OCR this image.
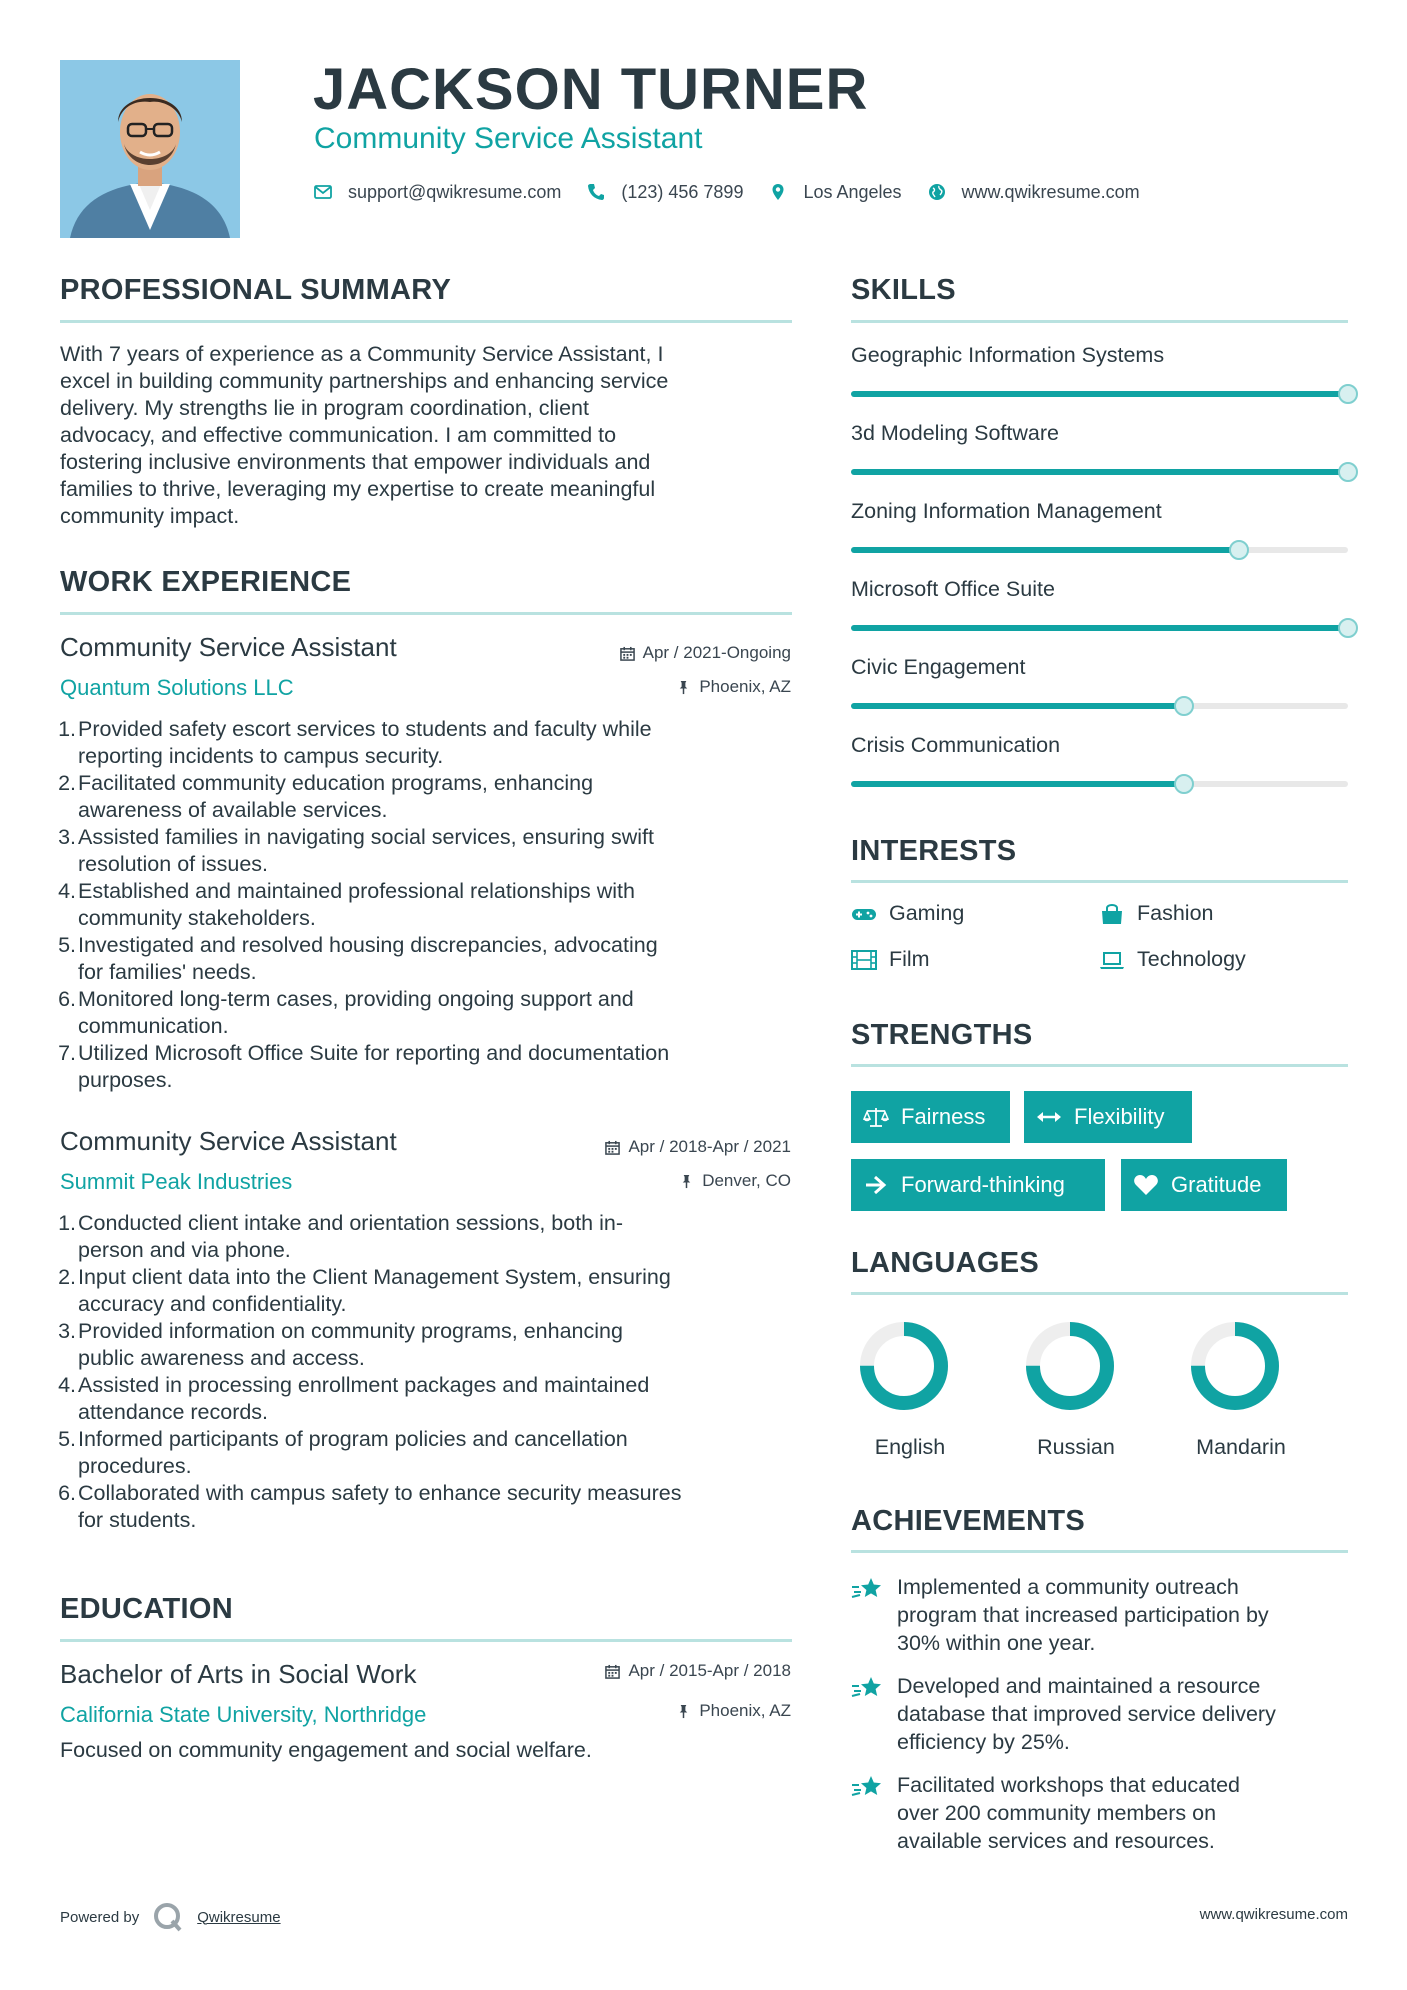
JACKSON TURNER
Community Service Assistant
support@qwikresume.com	(123) 456 7899	Los Angeles	www.qwikresume.com
PROFESSIONAL SUMMARY
With 7 years of experience as a Community Service Assistant, I
excel in building community partnerships and enhancing service
delivery. My strengths lie in program coordination, client
advocacy, and effective communication. I am committed to
fostering inclusive environments that empower individuals and
families to thrive, leveraging my expertise to create meaningful
community impact.
WORK EXPERIENCE
Community Service Assistant
Quantum Solutions LLC
Apr / 2021-Ongoing
Phoenix, AZ
1. Provided safety escort services to students and faculty while
reporting incidents to campus security.
2. Facilitated community education programs, enhancing
awareness of available services.
3. Assisted families in navigating social services, ensuring swift
resolution of issues.
4. Established and maintained professional relationships with
community stakeholders.
5. Investigated and resolved housing discrepancies, advocating
for families' needs.
6. Monitored long-term cases, providing ongoing support and
communication.
7. Utilized Microsoft Office Suite for reporting and documentation
purposes.
Community Service Assistant
Summit Peak Industries
Apr / 2018-Apr / 2021
Denver, CO
1. Conducted client intake and orientation sessions, both in-
person and via phone.
2. Input client data into the Client Management System, ensuring
accuracy and confidentiality.
3. Provided information on community programs, enhancing
public awareness and access.
4. Assisted in processing enrollment packages and maintained
attendance records.
5. Informed participants of program policies and cancellation
procedures.
6. Collaborated with campus safety to enhance security measures
for students.
EDUCATION
Bachelor of Arts in Social Work
California State University, Northridge
Apr / 2015-Apr / 2018
Phoenix, AZ
Focused on community engagement and social welfare.
SKILLS
Geographic Information Systems
3d Modeling Software
Zoning Information Management
Microsoft Office Suite
Civic Engagement
Crisis Communication
INTERESTS
Gaming	Fashion
Film	Technology
STRENGTHS
Fairness	Flexibility
Forward-thinking	Gratitude
LANGUAGES
English	Russian	Mandarin
ACHIEVEMENTS
Implemented a community outreach
program that increased participation by
30% within one year.
Developed and maintained a resource
database that improved service delivery
efficiency by 25%.
Facilitated workshops that educated
over 200 community members on
available services and resources.
Powered by	Qwikresume	www.qwikresume.com
